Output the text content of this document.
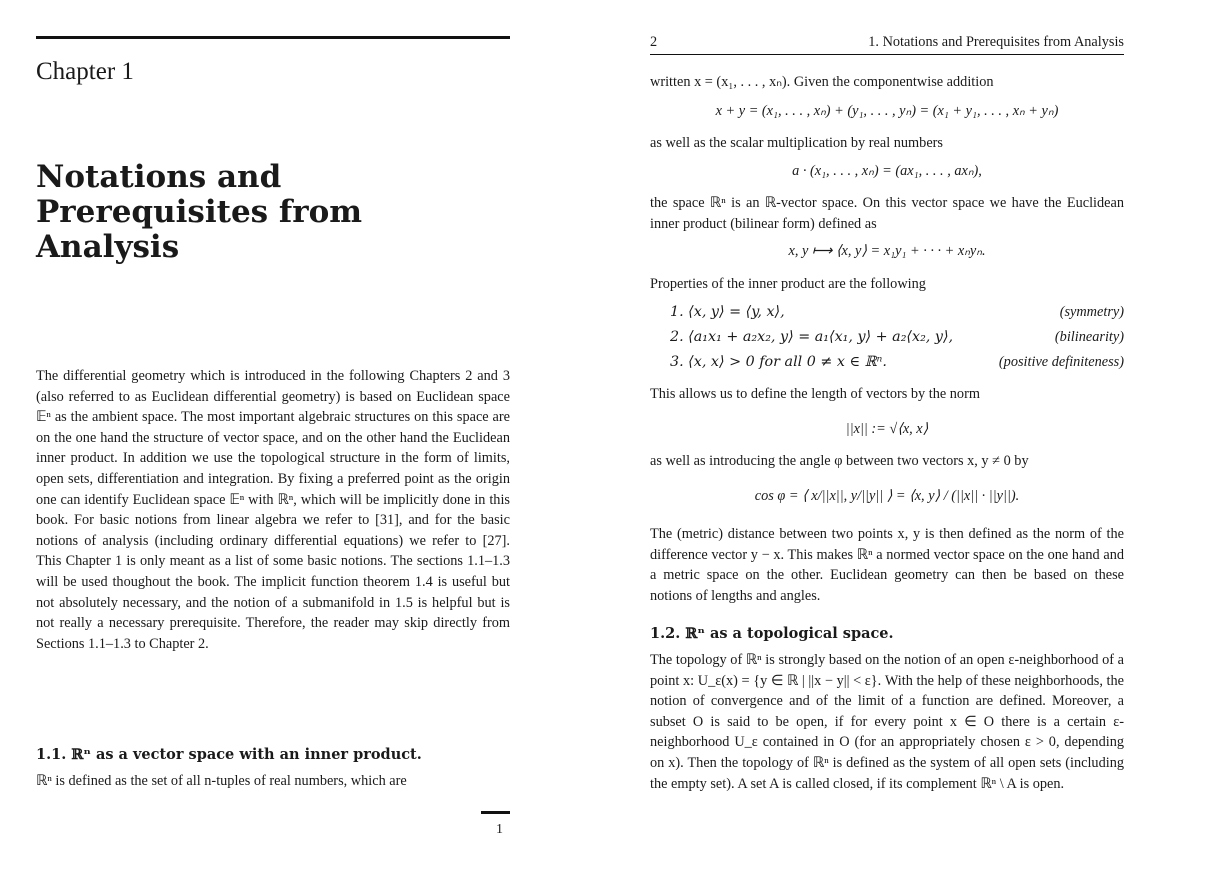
Chapter 1
Notations and Prerequisites from Analysis
The differential geometry which is introduced in the following Chapters 2 and 3 (also referred to as Euclidean differential geometry) is based on Euclidean space 𝔼ⁿ as the ambient space. The most important algebraic structures on this space are on the one hand the structure of vector space, and on the other hand the Euclidean inner product. In addition we use the topological structure in the form of limits, open sets, differentiation and integration. By fixing a preferred point as the origin one can identify Euclidean space 𝔼ⁿ with ℝⁿ, which will be implicitly done in this book. For basic notions from linear algebra we refer to [31], and for the basic notions of analysis (including ordinary differential equations) we refer to [27]. This Chapter 1 is only meant as a list of some basic notions. The sections 1.1–1.3 will be used thoughout the book. The implicit function theorem 1.4 is useful but not absolutely necessary, and the notion of a submanifold in 1.5 is helpful but is not really a necessary prerequisite. Therefore, the reader may skip directly from Sections 1.1–1.3 to Chapter 2.
1.1. ℝⁿ as a vector space with an inner product.
ℝⁿ is defined as the set of all n-tuples of real numbers, which are
1
2	1. Notations and Prerequisites from Analysis
written x = (x₁, . . . , xₙ). Given the componentwise addition
x + y = (x₁, . . . , xₙ) + (y₁, . . . , yₙ) = (x₁ + y₁, . . . , xₙ + yₙ)
as well as the scalar multiplication by real numbers
a · (x₁, . . . , xₙ) = (ax₁, . . . , axₙ),
the space ℝⁿ is an ℝ-vector space. On this vector space we have the Euclidean inner product (bilinear form) defined as
x, y ⟼ ⟨x, y⟩ = x₁y₁ + · · · + xₙyₙ.
Properties of the inner product are the following
1. ⟨x, y⟩ = ⟨y, x⟩,	(symmetry)
2. ⟨a₁x₁ + a₂x₂, y⟩ = a₁⟨x₁, y⟩ + a₂⟨x₂, y⟩,	(bilinearity)
3. ⟨x, x⟩ > 0 for all 0 ≠ x ∈ ℝⁿ.	(positive definiteness)
This allows us to define the length of vectors by the norm
||x|| := √⟨x, x⟩
as well as introducing the angle φ between two vectors x, y ≠ 0 by
cos φ = ⟨ x/||x||, y/||y|| ⟩ = ⟨x, y⟩ / (||x|| · ||y||).
The (metric) distance between two points x, y is then defined as the norm of the difference vector y − x. This makes ℝⁿ a normed vector space on the one hand and a metric space on the other. Euclidean geometry can then be based on these notions of lengths and angles.
1.2. ℝⁿ as a topological space.
The topology of ℝⁿ is strongly based on the notion of an open ε-neighborhood of a point x: U_ε(x) = {y ∈ ℝ | ||x − y|| < ε}. With the help of these neighborhoods, the notion of convergence and of the limit of a function are defined. Moreover, a subset O is said to be open, if for every point x ∈ O there is a certain ε-neighborhood U_ε contained in O (for an appropriately chosen ε > 0, depending on x). Then the topology of ℝⁿ is defined as the system of all open sets (including the empty set). A set A is called closed, if its complement ℝⁿ \ A is open.
